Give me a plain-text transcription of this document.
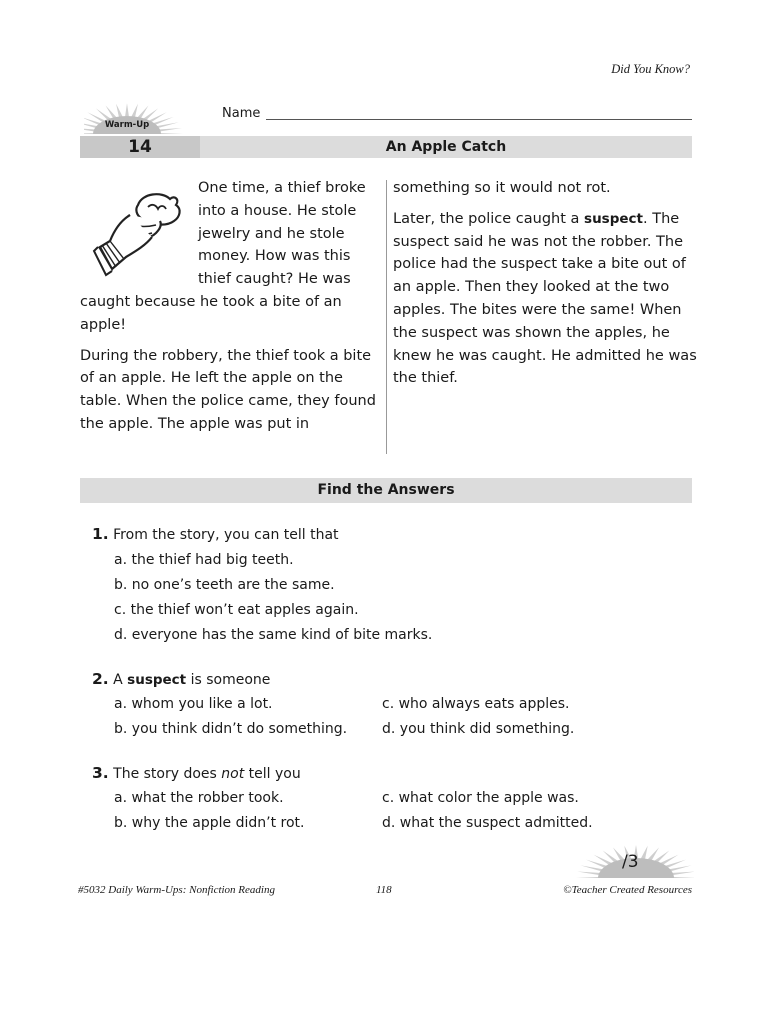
Did You Know?
Warm-Up
Name
14	An Apple Catch

One time, a thief broke into a house. He stole jewelry and he stole money. How was this thief caught? He was caught because he took a bite of an apple!

During the robbery, the thief took a bite of an apple. He left the apple on the table. When the police came, they found the apple. The apple was put in

something so it would not rot.

Later, the police caught a suspect. The suspect said he was not the robber. The police had the suspect take a bite out of an apple. Then they looked at the two apples. The bites were the same! When the suspect was shown the apples, he knew he was caught. He admitted he was the thief.

Find the Answers
1. From the story, you can tell that
a. the thief had big teeth.
b. no one’s teeth are the same.
c. the thief won’t eat apples again.
d. everyone has the same kind of bite marks.
2. A suspect is someone
a. whom you like a lot.	c. who always eats apples.
b. you think didn’t do something. d. you think did something.
3. The story does not tell you
a. what the robber took.	c. what color the apple was.
b. why the apple didn’t rot.	d. what the suspect admitted.
/3
#5032 Daily Warm-Ups: Nonfiction Reading	118	©Teacher Created Resources
